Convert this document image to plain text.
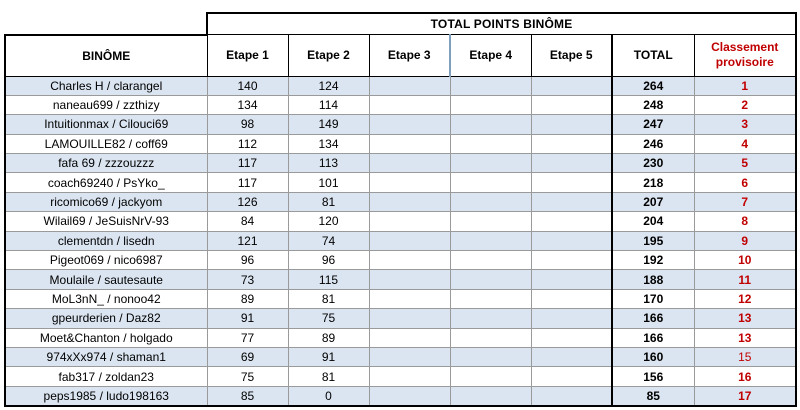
	TOTAL POINTS BINÔME						
BINÔME	Etape 1	Etape 2	Etape 3	Etape 4	Etape 5	TOTAL	Classement
provisoire
Charles H / clarangel	140	124				264	1
naneau699 / zzthizy	134	114				248	2
Intuitionmax / Cilouci69	98	149				247	3
LAMOUILLE82 / coff69	112	134				246	4
fafa 69 / zzzouzzz	117	113				230	5
coach69240 / PsYko_	117	101				218	6
ricomico69 / jackyom	126	81				207	7
Wilail69 / JeSuisNrV-93	84	120				204	8
clementdn / lisedn	121	74				195	9
Pigeot069 / nico6987	96	96				192	10
Moulaile / sautesaute	73	115				188	11
MoL3nN_ / nonoo42	89	81				170	12
gpeurderien / Daz82	91	75				166	13
Moet&Chanton / holgado	77	89				166	13
974xXx974 / shaman1	69	91				160	15
fab317 / zoldan23	75	81				156	16
peps1985 / ludo198163	85	0				85	17
